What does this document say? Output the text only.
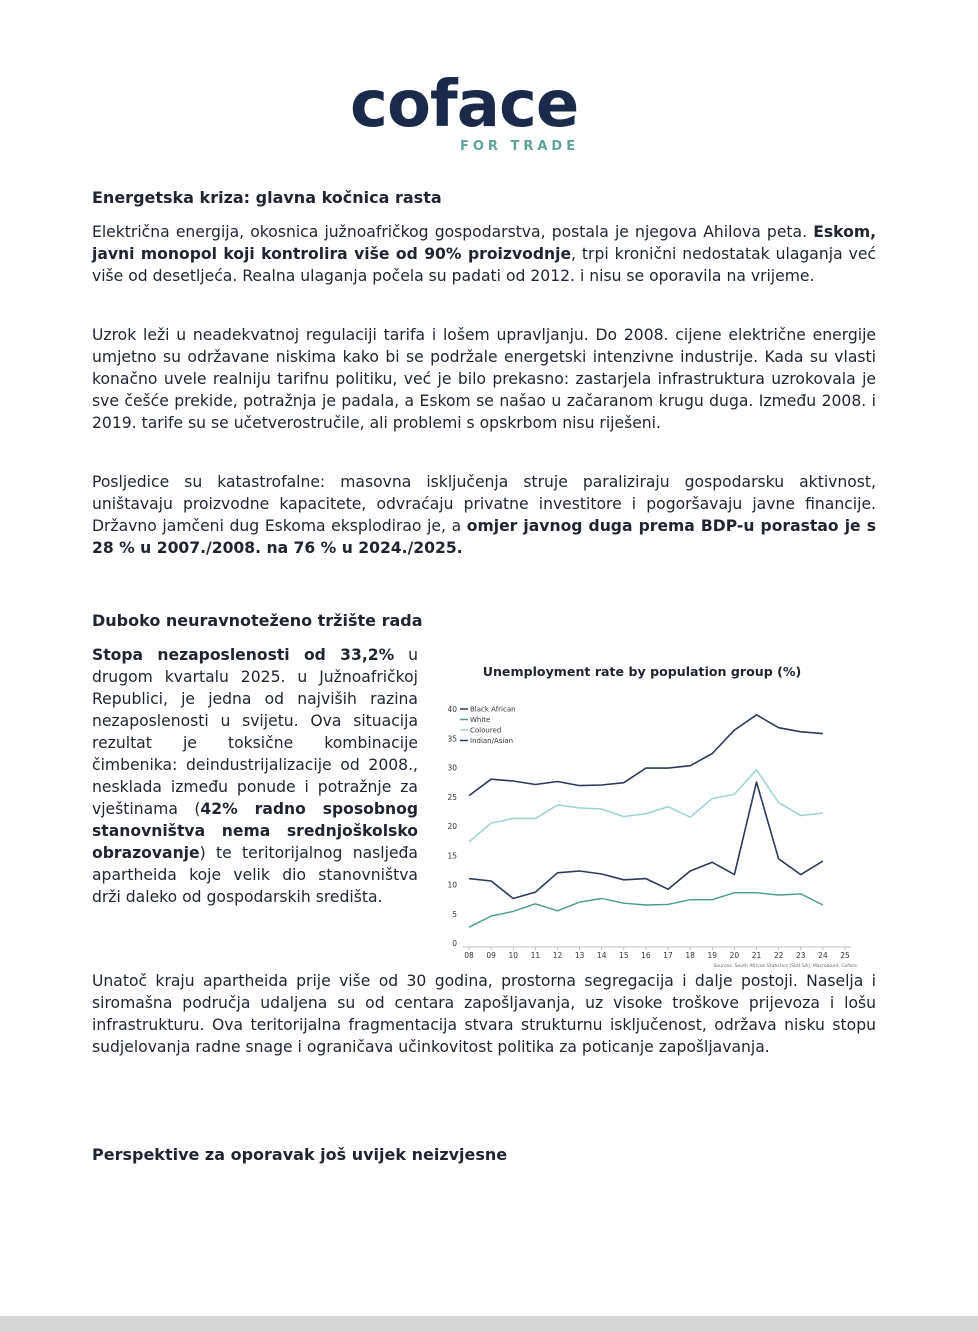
coface
FOR TRADE
Energetska kriza: glavna kočnica rasta

Električna energija, okosnica južnoafričkog gospodarstva, postala je njegova Ahilova peta. Eskom, javni monopol koji kontrolira više od 90% proizvodnje, trpi kronični nedostatak ulaganja već više od desetljeća. Realna ulaganja počela su padati od 2012. i nisu se oporavila na vrijeme.

Uzrok leži u neadekvatnoj regulaciji tarifa i lošem upravljanju. Do 2008. cijene električne energije umjetno su održavane niskima kako bi se podržale energetski intenzivne industrije. Kada su vlasti konačno uvele realniju tarifnu politiku, već je bilo prekasno: zastarjela infrastruktura uzrokovala je sve češće prekide, potražnja je padala, a Eskom se našao u začaranom krugu duga. Između 2008. i 2019. tarife su se učetverostručile, ali problemi s opskrbom nisu riješeni.

Posljedice su katastrofalne: masovna isključenja struje paraliziraju gospodarsku aktivnost, uništavaju proizvodne kapacitete, odvraćaju privatne investitore i pogoršavaju javne financije. Državno jamčeni dug Eskoma eksplodirao je, a omjer javnog duga prema BDP-u porastao je s 28 % u 2007./2008. na 76 % u 2024./2025.

Duboko neuravnoteženo tržište rada

Stopa nezaposlenosti od 33,2% u drugom kvartalu 2025. u Južnoafričkoj Republici, je jedna od najviših razina nezaposlenosti u svijetu. Ova situacija rezultat je toksične kombinacije čimbenika: deindustrijalizacije od 2008., nesklada između ponude i potražnje za vještinama (42% radno sposobnog stanovništva nema srednjoškolsko obrazovanje) te teritorijalnog nasljeđa apartheida koje velik dio stanovništva drži daleko od gospodarskih središta.

Unemployment rate by population group (%)
0
5
10
15
20
25
30
35
40
08 09 10 11 12 13 14 15 16 17 18 19 20 21 22 23 24 25
Black African
White
Coloured
Indian/Asian
Sources: South African Statistics (Stat SA), Macrobond, Coface

Unatoč kraju apartheida prije više od 30 godina, prostorna segregacija i dalje postoji. Naselja i siromašna područja udaljena su od centara zapošljavanja, uz visoke troškove prijevoza i lošu infrastrukturu. Ova teritorijalna fragmentacija stvara strukturnu isključenost, održava nisku stopu sudjelovanja radne snage i ograničava učinkovitost politika za poticanje zapošljavanja.

Perspektive za oporavak još uvijek neizvjesne
